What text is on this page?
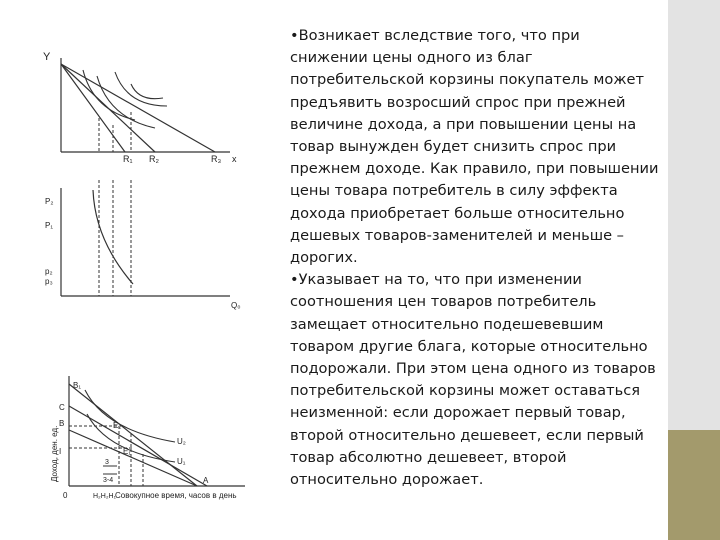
Y
x
R₁ R₂	R₃
P₂
P₁
p₂
p₃
Q₀
Доход, ден. ед.
Совокупное время, часов в день
0
3
3-4
B₁
C
B
I
E₂
E₁
U₂
U₁
A
H₂H₂H₁

•Возникает вследствие того, что при снижении цены одного из благ потребительской корзины покупатель может предъявить возросший спрос при прежней величине дохода, а при повышении цены на товар вынужден будет снизить спрос при прежнем доходе. Как правило, при повышении цены товара потребитель в силу эффекта дохода приобретает больше относительно дешевых товаров-заменителей и меньше – дорогих.

•Указывает на то, что при изменении соотношения цен товаров потребитель замещает относительно подешевевшим товаром другие блага, которые относительно подорожали. При этом цена одного из товаров потребительской корзины может оставаться неизменной: если дорожает первый товар, второй относительно дешевеет, если первый товар абсолютно дешевеет, второй относительно дорожает.
